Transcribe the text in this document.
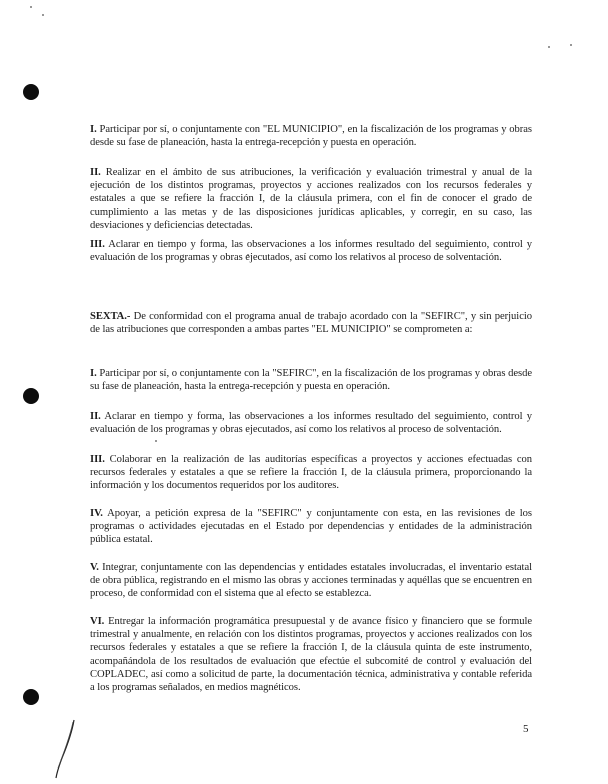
I. Participar por sí, o conjuntamente con "EL MUNICIPIO", en la fiscalización de los programas y obras desde su fase de planeación, hasta la entrega-recepción y puesta en operación.

II. Realizar en el ámbito de sus atribuciones, la verificación y evaluación trimestral y anual de la ejecución de los distintos programas, proyectos y acciones realizados con los recursos federales y estatales a que se refiere la fracción I, de la cláusula primera, con el fin de conocer el grado de cumplimiento a las metas y de las disposiciones jurídicas aplicables, y corregir, en su caso, las desviaciones y deficiencias detectadas.

III. Aclarar en tiempo y forma, las observaciones a los informes resultado del seguimiento, control y evaluación de los programas y obras ejecutados, así como los relativos al proceso de solventación.

SEXTA.- De conformidad con el programa anual de trabajo acordado con la "SEFIRC", y sin perjuicio de las atribuciones que corresponden a ambas partes "EL MUNICIPIO" se comprometen a:

I. Participar por sí, o conjuntamente con la "SEFIRC", en la fiscalización de los programas y obras desde su fase de planeación, hasta la entrega-recepción y puesta en operación.

II. Aclarar en tiempo y forma, las observaciones a los informes resultado del seguimiento, control y evaluación de los programas y obras ejecutados, así como los relativos al proceso de solventación.

III. Colaborar en la realización de las auditorías específicas a proyectos y acciones efectuadas con recursos federales y estatales a que se refiere la fracción I, de la cláusula primera, proporcionando la información y los documentos requeridos por los auditores.

IV. Apoyar, a petición expresa de la "SEFIRC" y conjuntamente con esta, en las revisiones de los programas o actividades ejecutadas en el Estado por dependencias y entidades de la administración pública estatal.

V. Integrar, conjuntamente con las dependencias y entidades estatales involucradas, el inventario estatal de obra pública, registrando en el mismo las obras y acciones terminadas y aquéllas que se encuentren en proceso, de conformidad con el sistema que al efecto se establezca.

VI. Entregar la información programática presupuestal y de avance físico y financiero que se formule trimestral y anualmente, en relación con los distintos programas, proyectos y acciones realizados con los recursos federales y estatales a que se refiere la fracción I, de la cláusula quinta de este instrumento, acompañándola de los resultados de evaluación que efectúe el subcomité de control y evaluación del COPLADEC, así como a solicitud de parte, la documentación técnica, administrativa y contable referida a los programas señalados, en medios magnéticos.

5
